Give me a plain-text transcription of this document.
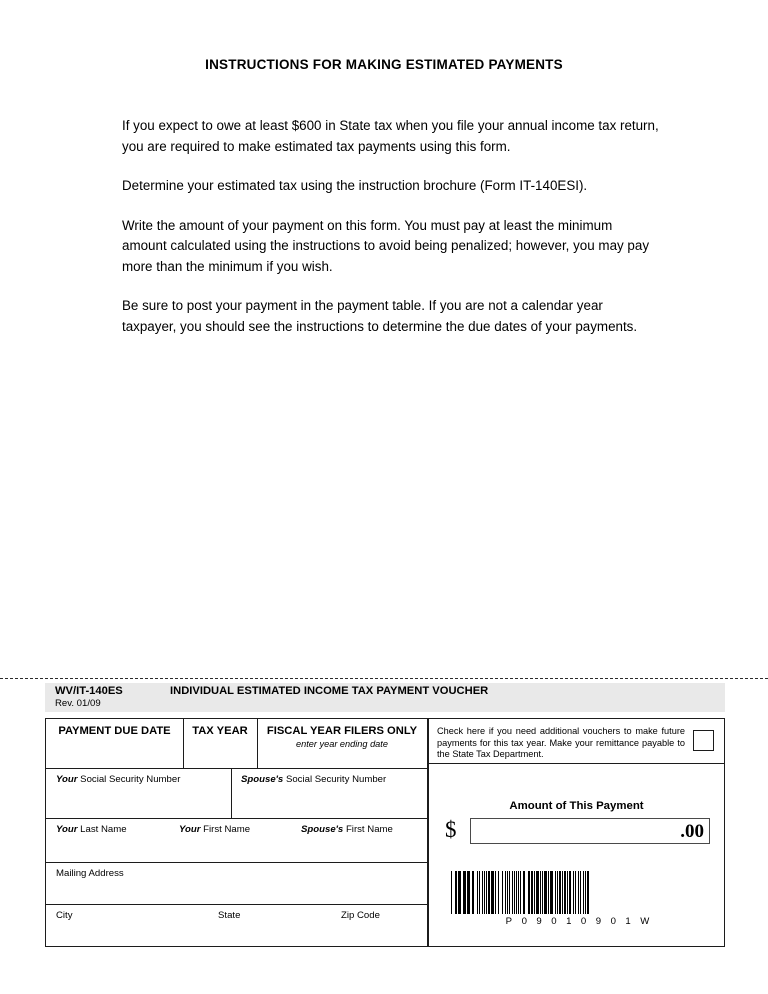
INSTRUCTIONS FOR MAKING ESTIMATED PAYMENTS

If you expect to owe at least $600 in State tax when you file your annual income tax return, you are required to make estimated tax payments using this form.

Determine your estimated tax using the instruction brochure (Form IT-140ESI).

Write the amount of your payment on this form. You must pay at least the minimum amount calculated using the instructions to avoid being penalized; however, you may pay more than the minimum if you wish.

Be sure to post your payment in the payment table. If you are not a calendar year taxpayer, you should see the instructions to determine the due dates of your payments.

WV/IT-140ES	INDIVIDUAL ESTIMATED INCOME TAX PAYMENT VOUCHER
Rev. 01/09
PAYMENT DUE DATE	TAX YEAR	FISCAL YEAR FILERS ONLY
enter year ending date
Your Social Security Number	Spouse's Social Security Number
Your Last Name	Your First Name	Spouse's First Name
Mailing Address
City	State	Zip Code
Check here if you need additional vouchers to make future payments for this tax year. Make your remittance payable to the State Tax Department.
Amount of This Payment
$	.00
P09010901W
